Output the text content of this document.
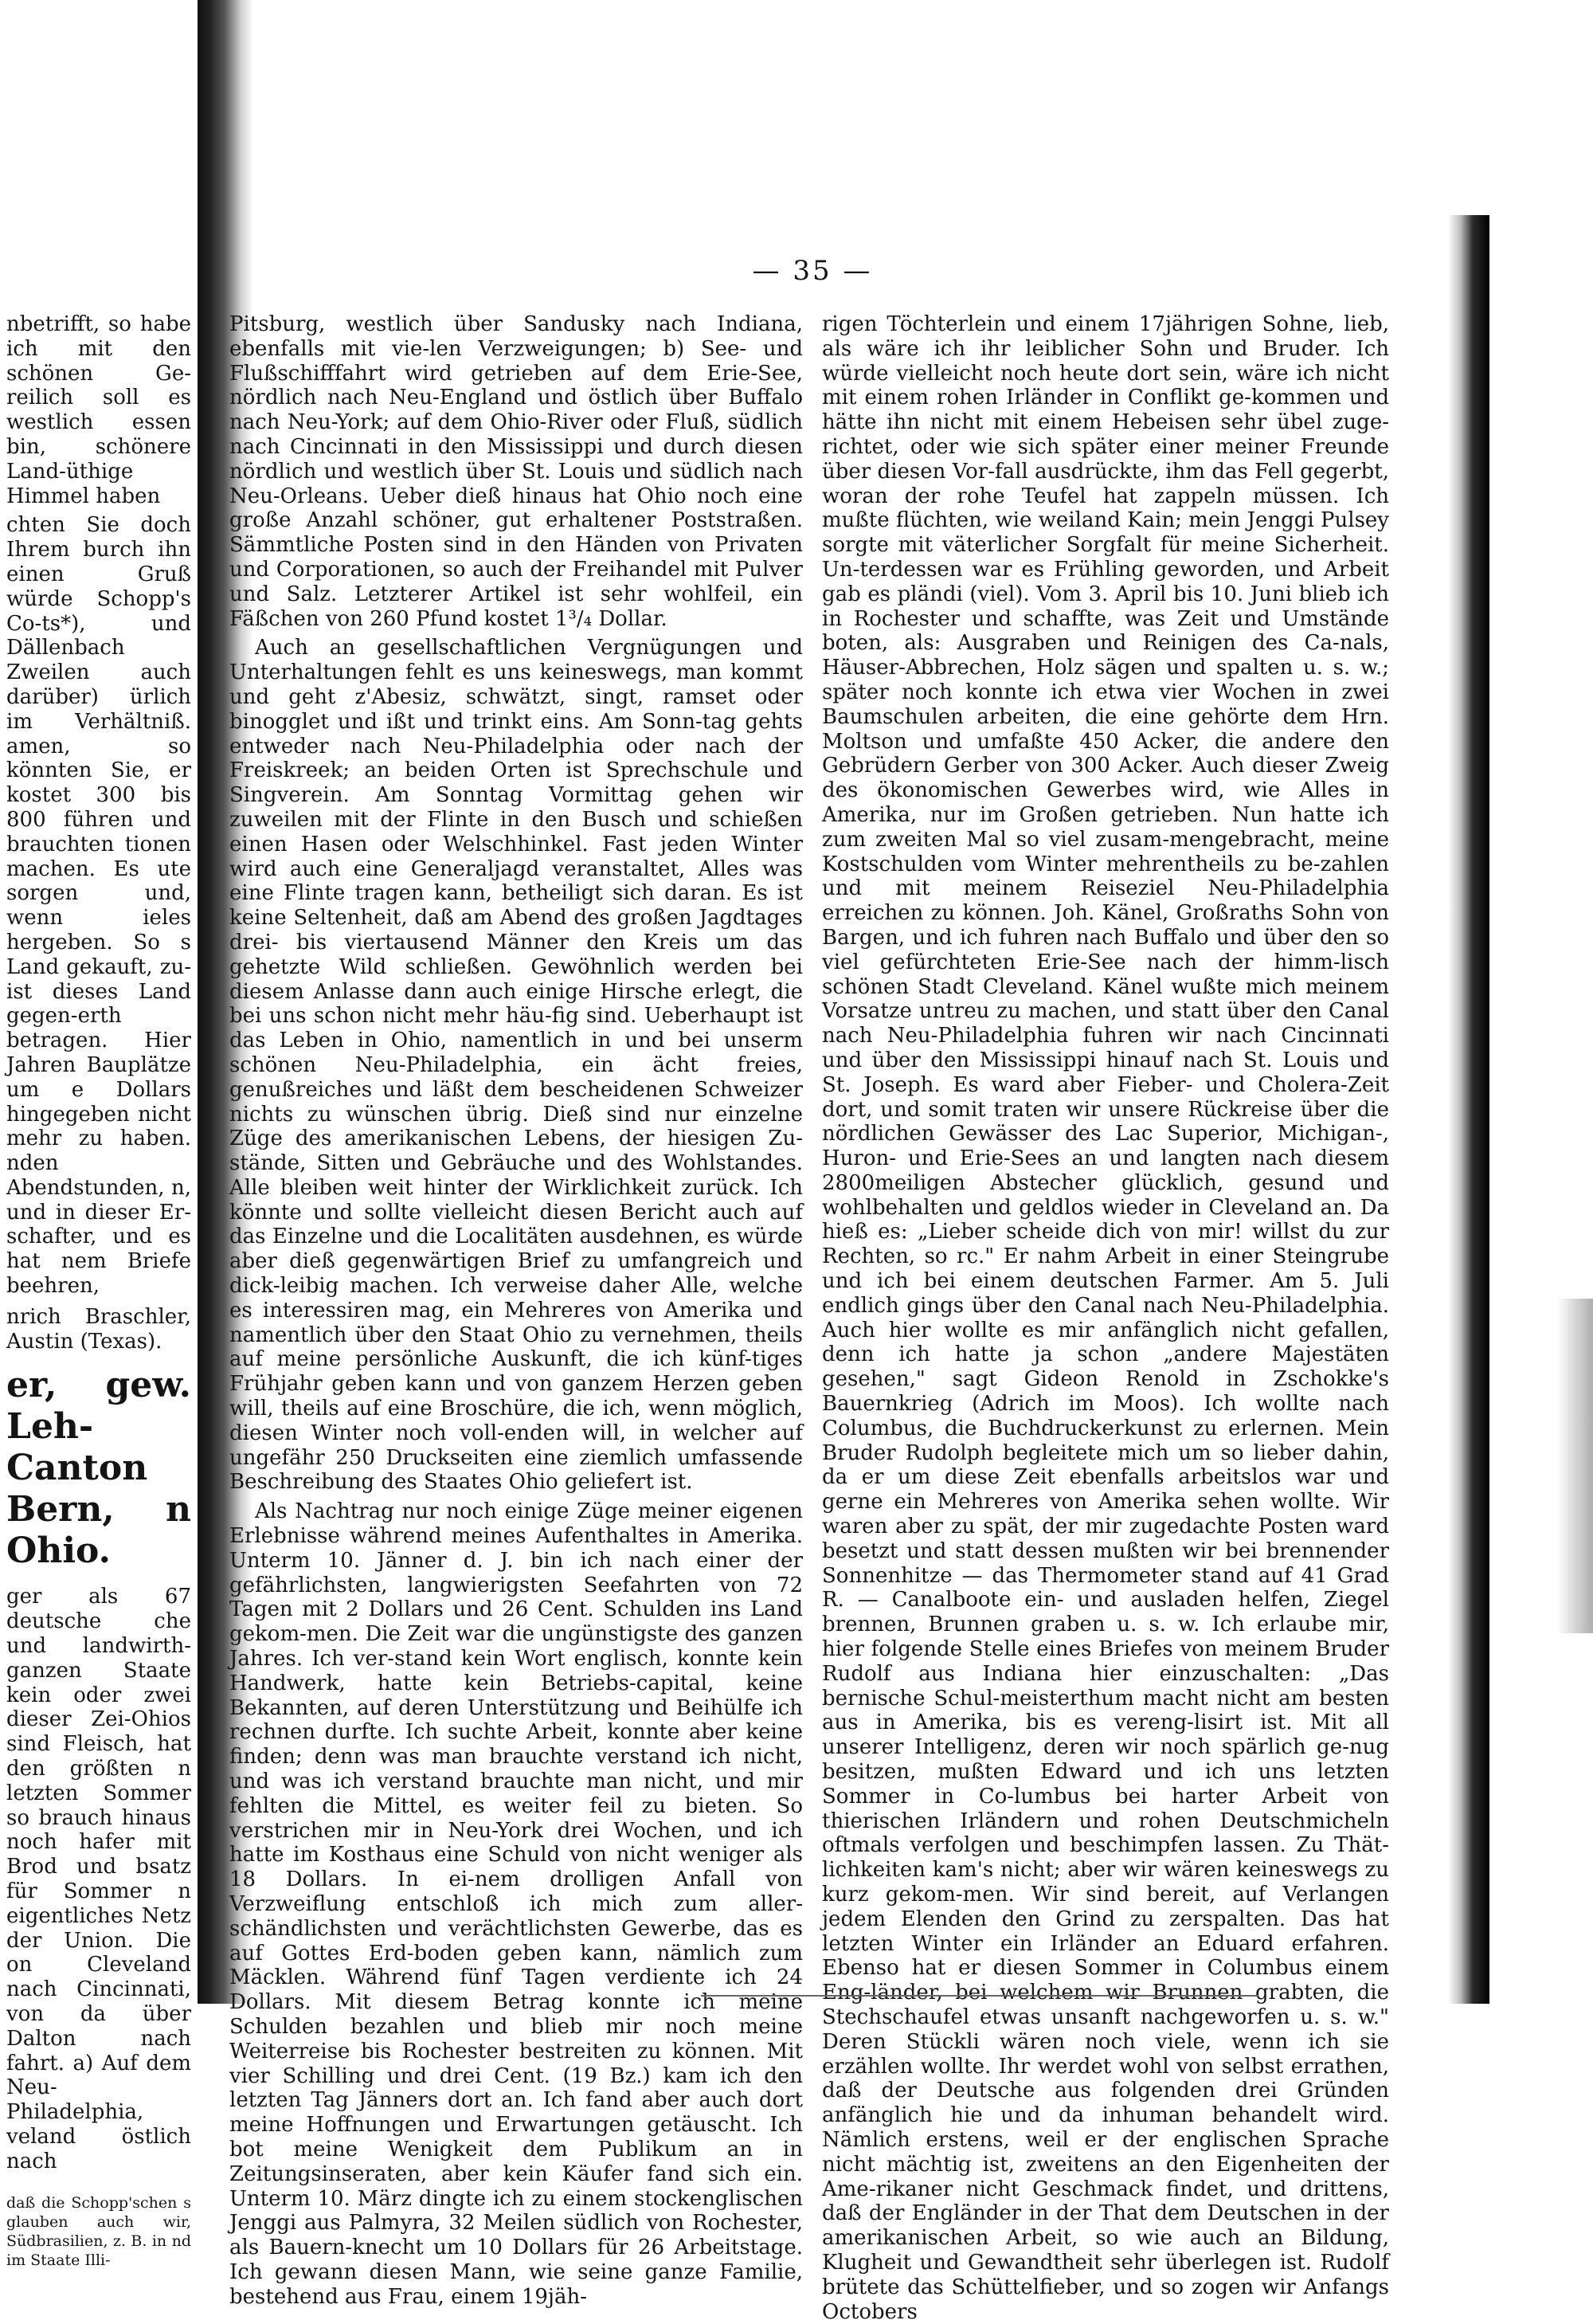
nbetrifft, so habe ich mit den schönen Ge-reilich soll es westlich essen bin, schönere Land-üthige Himmel haben

chten Sie doch Ihrem burch ihn einen Gruß würde Schopp's Co-ts*), und Dällenbach Zweilen auch darüber) ürlich im Verhältniß. amen, so könnten Sie, er kostet 300 bis 800 führen und brauchten tionen machen. Es ute sorgen und, wenn ieles hergeben. So s Land gekauft, zu-ist dieses Land gegen-erth betragen. Hier Jahren Bauplätze um e Dollars hingegeben nicht mehr zu haben. nden Abendstunden, n, und in dieser Er-schafter, und es hat nem Briefe beehren,

nrich Braschler, Austin (Texas).
er, gew. Leh-Canton Bern, n Ohio.

ger als 67 deutsche che und landwirth-ganzen Staate kein oder zwei dieser Zei-Ohios sind Fleisch, hat den größten n letzten Sommer so brauch hinaus noch hafer mit Brod und bsatz für Sommer n eigentliches Netz der Union. Die on Cleveland nach Cincinnati, von da über Dalton nach fahrt. a) Auf dem Neu-Philadelphia, veland östlich nach

daß die Schopp'schen s glauben auch wir, Südbrasilien, z. B. in nd im Staate Illi-
— 35 —

Pitsburg, westlich über Sandusky nach Indiana, ebenfalls mit vie-len Verzweigungen; b) See- und Flußschifffahrt wird getrieben auf dem Erie-See, nördlich nach Neu-England und östlich über Buffalo nach Neu-York; auf dem Ohio-River oder Fluß, südlich nach Cincinnati in den Mississippi und durch diesen nördlich und westlich über St. Louis und südlich nach Neu-Orleans. Ueber dieß hinaus hat Ohio noch eine große Anzahl schöner, gut erhaltener Poststraßen. Sämmtliche Posten sind in den Händen von Privaten und Corporationen, so auch der Freihandel mit Pulver und Salz. Letzterer Artikel ist sehr wohlfeil, ein Fäßchen von 260 Pfund kostet 1³/₄ Dollar.

Auch an gesellschaftlichen Vergnügungen und Unterhaltungen fehlt es uns keineswegs, man kommt und geht z'Abesiz, schwätzt, singt, ramset oder binogglet und ißt und trinkt eins. Am Sonn-tag gehts entweder nach Neu-Philadelphia oder nach der Freiskreek; an beiden Orten ist Sprechschule und Singverein. Am Sonntag Vormittag gehen wir zuweilen mit der Flinte in den Busch und schießen einen Hasen oder Welschhinkel. Fast jeden Winter wird auch eine Generaljagd veranstaltet, Alles was eine Flinte tragen kann, betheiligt sich daran. Es ist keine Seltenheit, daß am Abend des großen Jagdtages drei- bis viertausend Männer den Kreis um das gehetzte Wild schließen. Gewöhnlich werden bei diesem Anlasse dann auch einige Hirsche erlegt, die bei uns schon nicht mehr häu-fig sind. Ueberhaupt ist das Leben in Ohio, namentlich in und bei unserm schönen Neu-Philadelphia, ein ächt freies, genußreiches und läßt dem bescheidenen Schweizer nichts zu wünschen übrig. Dieß sind nur einzelne Züge des amerikanischen Lebens, der hiesigen Zu-stände, Sitten und Gebräuche und des Wohlstandes. Alle bleiben weit hinter der Wirklichkeit zurück. Ich könnte und sollte vielleicht diesen Bericht auch auf das Einzelne und die Localitäten ausdehnen, es würde aber dieß gegenwärtigen Brief zu umfangreich und dick-leibig machen. Ich verweise daher Alle, welche es interessiren mag, ein Mehreres von Amerika und namentlich über den Staat Ohio zu vernehmen, theils auf meine persönliche Auskunft, die ich künf-tiges Frühjahr geben kann und von ganzem Herzen geben will, theils auf eine Broschüre, die ich, wenn möglich, diesen Winter noch voll-enden will, in welcher auf ungefähr 250 Druckseiten eine ziemlich umfassende Beschreibung des Staates Ohio geliefert ist.

Als Nachtrag nur noch einige Züge meiner eigenen Erlebnisse während meines Aufenthaltes in Amerika. Unterm 10. Jänner d. J. bin ich nach einer der gefährlichsten, langwierigsten Seefahrten von 72 Tagen mit 2 Dollars und 26 Cent. Schulden ins Land gekom-men. Die Zeit war die ungünstigste des ganzen Jahres. Ich ver-stand kein Wort englisch, konnte kein Handwerk, hatte kein Betriebs-capital, keine Bekannten, auf deren Unterstützung und Beihülfe ich rechnen durfte. Ich suchte Arbeit, konnte aber keine finden; denn was man brauchte verstand ich nicht, und was ich verstand brauchte man nicht, und mir fehlten die Mittel, es weiter feil zu bieten. So verstrichen mir in Neu-York drei Wochen, und ich hatte im Kosthaus eine Schuld von nicht weniger als 18 Dollars. In ei-nem drolligen Anfall von Verzweiflung entschloß ich mich zum aller-schändlichsten und verächtlichsten Gewerbe, das es auf Gottes Erd-boden geben kann, nämlich zum Mäcklen. Während fünf Tagen verdiente ich 24 Dollars. Mit diesem Betrag konnte ich meine Schulden bezahlen und blieb mir noch meine Weiterreise bis Rochester bestreiten zu können. Mit vier Schilling und drei Cent. (19 Bz.) kam ich den letzten Tag Jänners dort an. Ich fand aber auch dort meine Hoffnungen und Erwartungen getäuscht. Ich bot meine Wenigkeit dem Publikum an in Zeitungsinseraten, aber kein Käufer fand sich ein. Unterm 10. März dingte ich zu einem stockenglischen Jenggi aus Palmyra, 32 Meilen südlich von Rochester, als Bauern-knecht um 10 Dollars für 26 Arbeitstage. Ich gewann diesen Mann, wie seine ganze Familie, bestehend aus Frau, einem 19jäh-

rigen Töchterlein und einem 17jährigen Sohne, lieb, als wäre ich ihr leiblicher Sohn und Bruder. Ich würde vielleicht noch heute dort sein, wäre ich nicht mit einem rohen Irländer in Conflikt ge-kommen und hätte ihn nicht mit einem Hebeisen sehr übel zuge-richtet, oder wie sich später einer meiner Freunde über diesen Vor-fall ausdrückte, ihm das Fell gegerbt, woran der rohe Teufel hat zappeln müssen. Ich mußte flüchten, wie weiland Kain; mein Jenggi Pulsey sorgte mit väterlicher Sorgfalt für meine Sicherheit. Un-terdessen war es Frühling geworden, und Arbeit gab es pländi (viel). Vom 3. April bis 10. Juni blieb ich in Rochester und schaffte, was Zeit und Umstände boten, als: Ausgraben und Reinigen des Ca-nals, Häuser-Abbrechen, Holz sägen und spalten u. s. w.; später noch konnte ich etwa vier Wochen in zwei Baumschulen arbeiten, die eine gehörte dem Hrn. Moltson und umfaßte 450 Acker, die andere den Gebrüdern Gerber von 300 Acker. Auch dieser Zweig des ökonomischen Gewerbes wird, wie Alles in Amerika, nur im Großen getrieben. Nun hatte ich zum zweiten Mal so viel zusam-mengebracht, meine Kostschulden vom Winter mehrentheils zu be-zahlen und mit meinem Reiseziel Neu-Philadelphia erreichen zu können. Joh. Känel, Großraths Sohn von Bargen, und ich fuhren nach Buffalo und über den so viel gefürchteten Erie-See nach der himm-lisch schönen Stadt Cleveland. Känel wußte mich meinem Vorsatze untreu zu machen, und statt über den Canal nach Neu-Philadelphia fuhren wir nach Cincinnati und über den Mississippi hinauf nach St. Louis und St. Joseph. Es ward aber Fieber- und Cholera-Zeit dort, und somit traten wir unsere Rückreise über die nördlichen Gewässer des Lac Superior, Michigan-, Huron- und Erie-Sees an und langten nach diesem 2800meiligen Abstecher glücklich, gesund und wohlbehalten und geldlos wieder in Cleveland an. Da hieß es: „Lieber scheide dich von mir! willst du zur Rechten, so rc." Er nahm Arbeit in einer Steingrube und ich bei einem deutschen Farmer. Am 5. Juli endlich gings über den Canal nach Neu-Philadelphia. Auch hier wollte es mir anfänglich nicht gefallen, denn ich hatte ja schon „andere Majestäten gesehen," sagt Gideon Renold in Zschokke's Bauernkrieg (Adrich im Moos). Ich wollte nach Columbus, die Buchdruckerkunst zu erlernen. Mein Bruder Rudolph begleitete mich um so lieber dahin, da er um diese Zeit ebenfalls arbeitslos war und gerne ein Mehreres von Amerika sehen wollte. Wir waren aber zu spät, der mir zugedachte Posten ward besetzt und statt dessen mußten wir bei brennender Sonnenhitze — das Thermometer stand auf 41 Grad R. — Canalboote ein- und ausladen helfen, Ziegel brennen, Brunnen graben u. s. w. Ich erlaube mir, hier folgende Stelle eines Briefes von meinem Bruder Rudolf aus Indiana hier einzuschalten: „Das bernische Schul-meisterthum macht nicht am besten aus in Amerika, bis es vereng-lisirt ist. Mit all unserer Intelligenz, deren wir noch spärlich ge-nug besitzen, mußten Edward und ich uns letzten Sommer in Co-lumbus bei harter Arbeit von thierischen Irländern und rohen Deutschmicheln oftmals verfolgen und beschimpfen lassen. Zu Thät-lichkeiten kam's nicht; aber wir wären keineswegs zu kurz gekom-men. Wir sind bereit, auf Verlangen jedem Elenden den Grind zu zerspalten. Das hat letzten Winter ein Irländer an Eduard erfahren. Ebenso hat er diesen Sommer in Columbus einem Eng-länder, bei welchem wir Brunnen grabten, die Stechschaufel etwas unsanft nachgeworfen u. s. w." Deren Stückli wären noch viele, wenn ich sie erzählen wollte. Ihr werdet wohl von selbst errathen, daß der Deutsche aus folgenden drei Gründen anfänglich hie und da inhuman behandelt wird. Nämlich erstens, weil er der englischen Sprache nicht mächtig ist, zweitens an den Eigenheiten der Ame-rikaner nicht Geschmack findet, und drittens, daß der Engländer in der That dem Deutschen in der amerikanischen Arbeit, so wie auch an Bildung, Klugheit und Gewandtheit sehr überlegen ist. Rudolf brütete das Schüttelfieber, und so zogen wir Anfangs Octobers
